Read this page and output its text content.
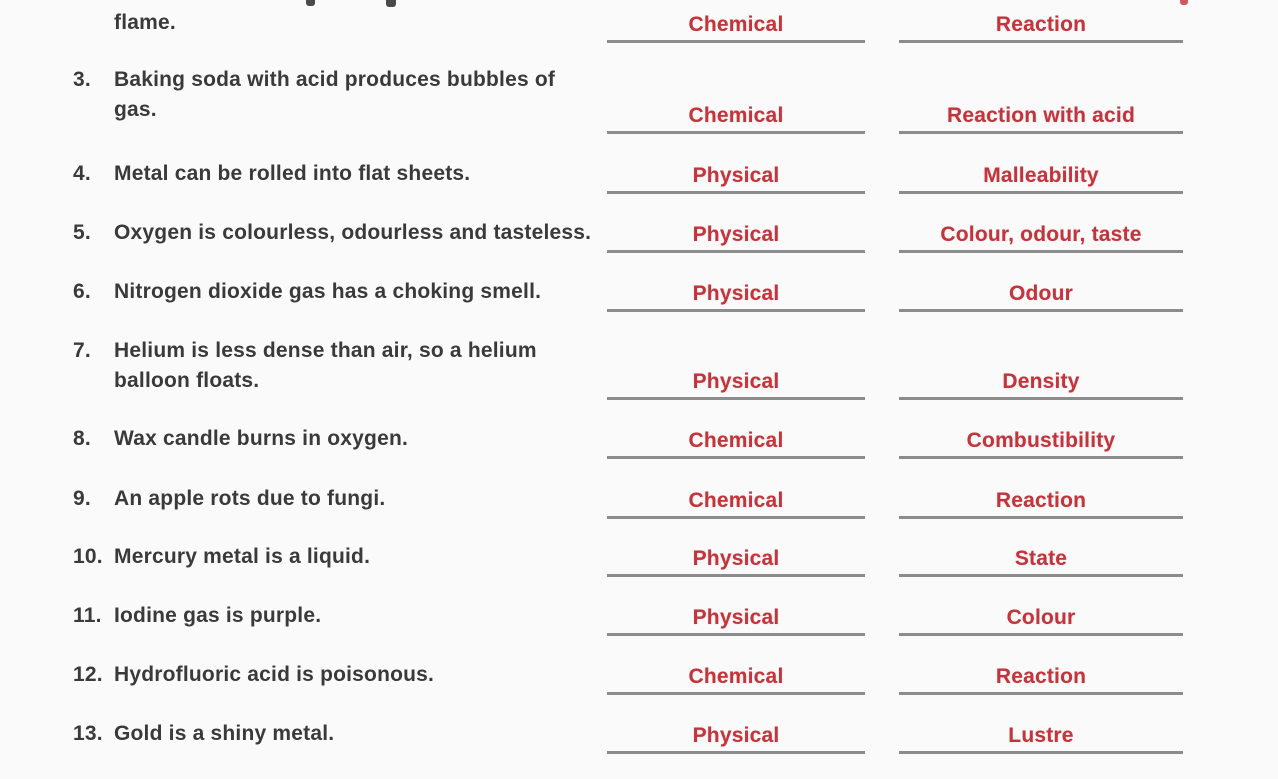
flame.	Chemical	Reaction
3.	Baking soda with acid produces bubbles of gas.	Chemical	Reaction with acid
4.	Metal can be rolled into flat sheets.	Physical	Malleability
5.	Oxygen is colourless, odourless and tasteless.	Physical	Colour, odour, taste
6.	Nitrogen dioxide gas has a choking smell.	Physical	Odour
7.	Helium is less dense than air, so a helium
balloon floats.	Physical	Density
8.	Wax candle burns in oxygen.	Chemical	Combustibility
9.	An apple rots due to fungi.	Chemical	Reaction
10. Mercury metal is a liquid.	Physical	State
11. Iodine gas is purple.	Physical	Colour
12. Hydrofluoric acid is poisonous.	Chemical	Reaction
13. Gold is a shiny metal.	Physical	Lustre
